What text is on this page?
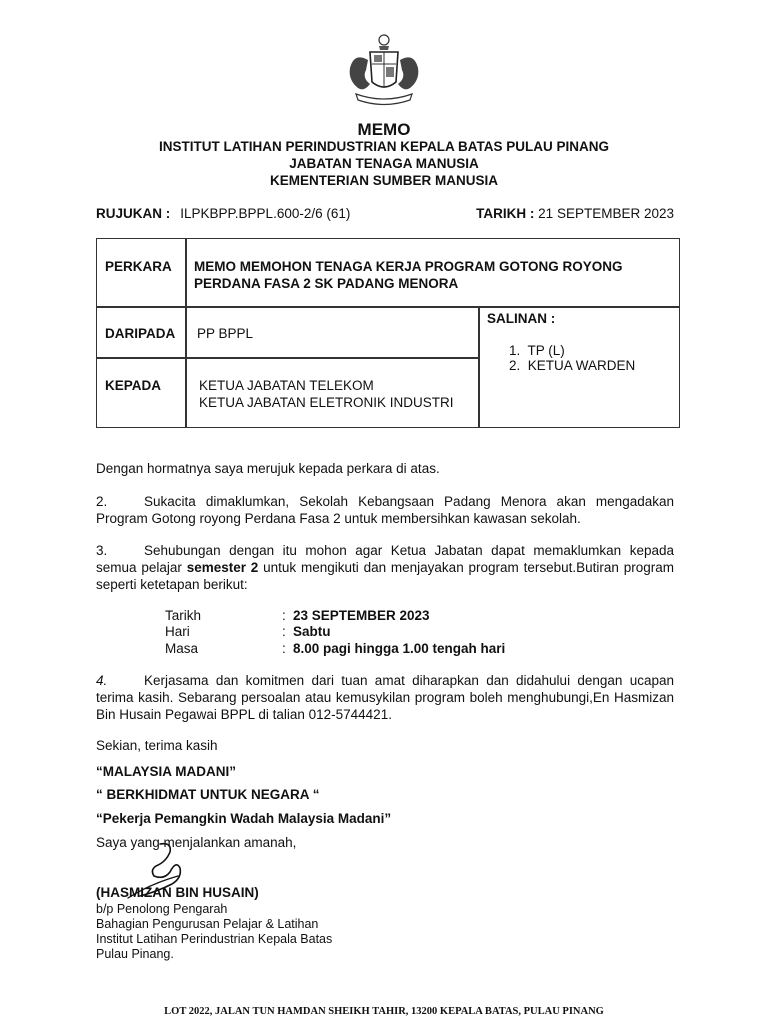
MEMO
INSTITUT LATIHAN PERINDUSTRIAN KEPALA BATAS PULAU PINANG
JABATAN TENAGA MANUSIA
KEMENTERIAN SUMBER MANUSIA
RUJUKAN : ILPKBPP.BPPL.600-2/6 (61)	TARIKH : 21 SEPTEMBER 2023
PERKARA MEMO MEMOHON TENAGA KERJA PROGRAM GOTONG ROYONG
PERDANA FASA 2 SK PADANG MENORA
DARIPADA PP BPPL
KEPADA	KETUA JABATAN TELEKOM
KETUA JABATAN ELETRONIK INDUSTRI
SALINAN :
1.  TP (L)
2.  KETUA WARDEN
Dengan hormatnya saya merujuk kepada perkara di atas.
2.	Sukacita dimaklumkan, Sekolah Kebangsaan Padang Menora akan mengadakan Program Gotong royong Perdana Fasa 2 untuk membersihkan kawasan sekolah.
3.	Sehubungan dengan itu mohon agar Ketua Jabatan dapat memaklumkan kepada semua pelajar semester 2 untuk mengikuti dan menjayakan program tersebut.Butiran program seperti ketetapan berikut:
Tarikh	: 23 SEPTEMBER 2023
Hari	: Sabtu
Masa	: 8.00 pagi hingga 1.00 tengah hari
4.	Kerjasama dan komitmen dari tuan amat diharapkan dan didahului dengan ucapan terima kasih. Sebarang persoalan atau kemusykilan program boleh menghubungi,En Hasmizan Bin Husain Pegawai BPPL di talian 012-5744421.
Sekian, terima kasih
“MALAYSIA MADANI”
“ BERKHIDMAT UNTUK NEGARA “
“Pekerja Pemangkin Wadah Malaysia Madani”
Saya yang menjalankan amanah,
(HASMIZAN BIN HUSAIN)
b/p Penolong Pengarah
Bahagian Pengurusan Pelajar & Latihan
Institut Latihan Perindustrian Kepala Batas
Pulau Pinang.
LOT 2022, JALAN TUN HAMDAN SHEIKH TAHIR, 13200 KEPALA BATAS, PULAU PINANG
